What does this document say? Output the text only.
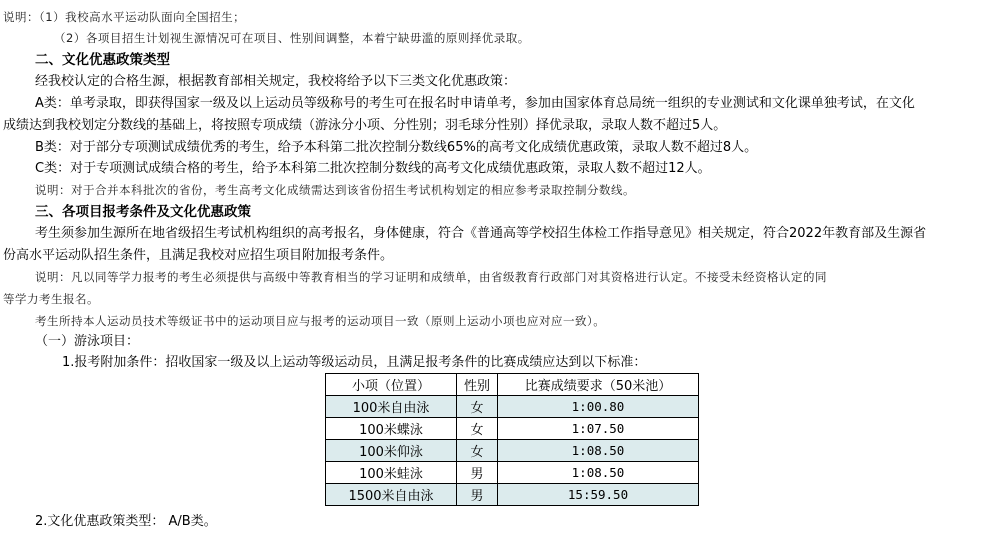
说明：（1）我校高水平运动队面向全国招生；
（2）各项目招生计划视生源情况可在项目、性别间调整，本着宁缺毋滥的原则择优录取。
二、文化优惠政策类型
经我校认定的合格生源，根据教育部相关规定，我校将给予以下三类文化优惠政策：
A类：单考录取，即获得国家一级及以上运动员等级称号的考生可在报名时申请单考，参加由国家体育总局统一组织的专业测试和文化课单独考试，在文化
成绩达到我校划定分数线的基础上，将按照专项成绩（游泳分小项、分性别；羽毛球分性别）择优录取，录取人数不超过5人。
B类：对于部分专项测试成绩优秀的考生，给予本科第二批次控制分数线65%的高考文化成绩优惠政策，录取人数不超过8人。
C类：对于专项测试成绩合格的考生，给予本科第二批次控制分数线的高考文化成绩优惠政策，录取人数不超过12人。
说明：对于合并本科批次的省份，考生高考文化成绩需达到该省份招生考试机构划定的相应参考录取控制分数线。
三、各项目报考条件及文化优惠政策
考生须参加生源所在地省级招生考试机构组织的高考报名，身体健康，符合《普通高等学校招生体检工作指导意见》相关规定，符合2022年教育部及生源省
份高水平运动队招生条件，且满足我校对应招生项目附加报考条件。
说明：凡以同等学力报考的考生必须提供与高级中等教育相当的学习证明和成绩单，由省级教育行政部门对其资格进行认定。不接受未经资格认定的同
等学力考生报名。
考生所持本人运动员技术等级证书中的运动项目应与报考的运动项目一致（原则上运动小项也应对应一致）。
（一）游泳项目：
1.报考附加条件：招收国家一级及以上运动等级运动员，且满足报考条件的比赛成绩应达到以下标准：
小项（位置）	性别	比赛成绩要求（50米池）
100米自由泳	女	1:00.80
100米蝶泳	女	1:07.50
100米仰泳	女	1:08.50
100米蛙泳	男	1:08.50
1500米自由泳	男	15:59.50
2.文化优惠政策类型： A/B类。
